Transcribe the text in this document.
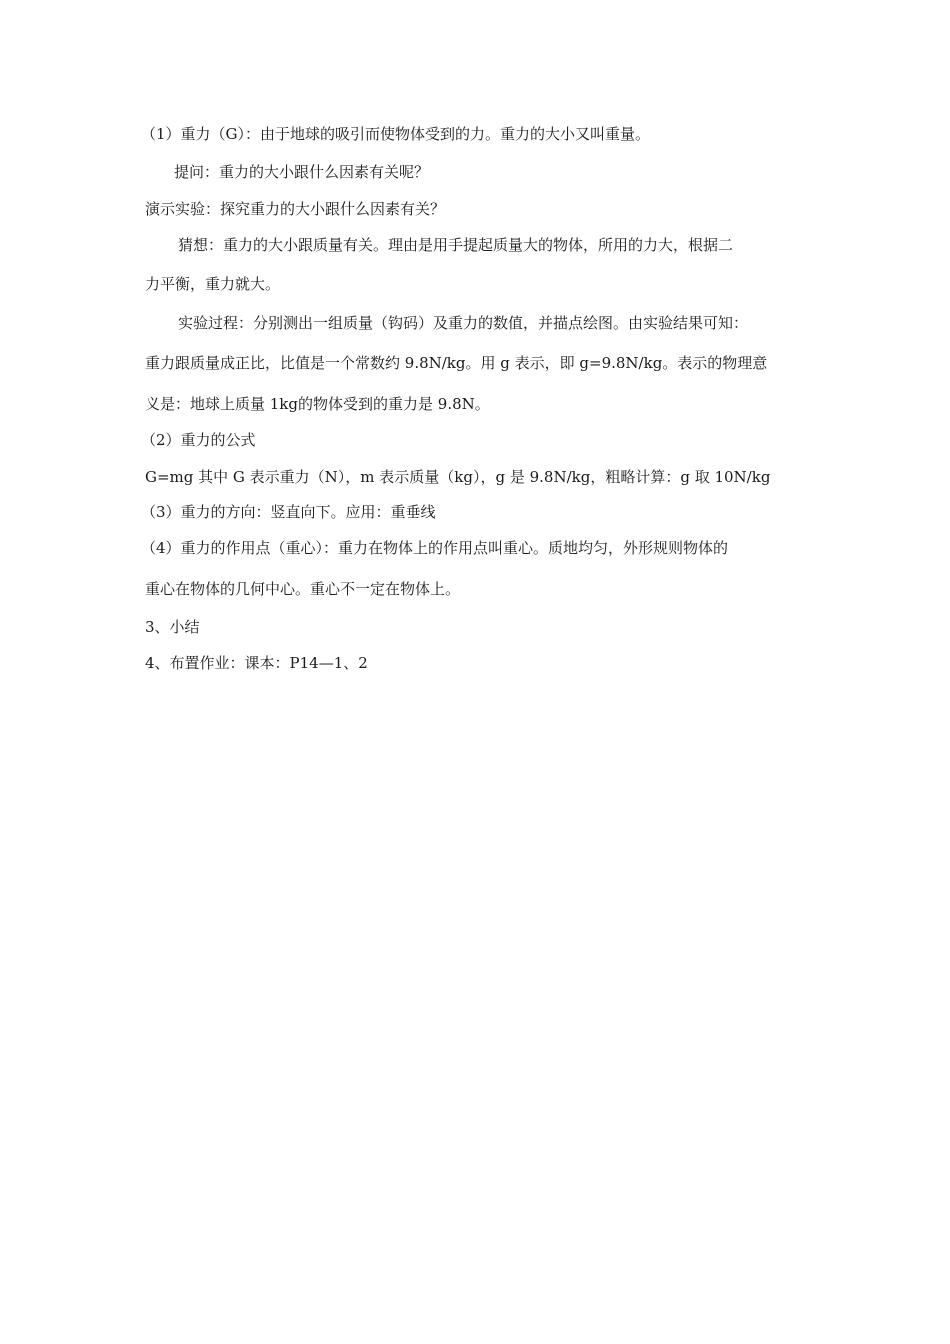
（1）重力（G）：由于地球的吸引而使物体受到的力。重力的大小又叫重量。

提问：重力的大小跟什么因素有关呢？

演示实验：探究重力的大小跟什么因素有关？

猜想：重力的大小跟质量有关。理由是用手提起质量大的物体，所用的力大，根据二

力平衡，重力就大。

实验过程：分别测出一组质量（钩码）及重力的数值，并描点绘图。由实验结果可知：

重力跟质量成正比，比值是一个常数约 9.8N/kg。用 g 表示，即 g=9.8N/kg。表示的物理意

义是：地球上质量 1kg的物体受到的重力是 9.8N。

（2）重力的公式

G=mg 其中 G 表示重力（N），m 表示质量（kg），g 是 9.8N/kg，粗略计算：g 取 10N/kg

（3）重力的方向：竖直向下。应用：重垂线

（4）重力的作用点（重心）：重力在物体上的作用点叫重心。质地均匀，外形规则物体的

重心在物体的几何中心。重心不一定在物体上。

3、小结

4、布置作业：课本：P14—1、2
